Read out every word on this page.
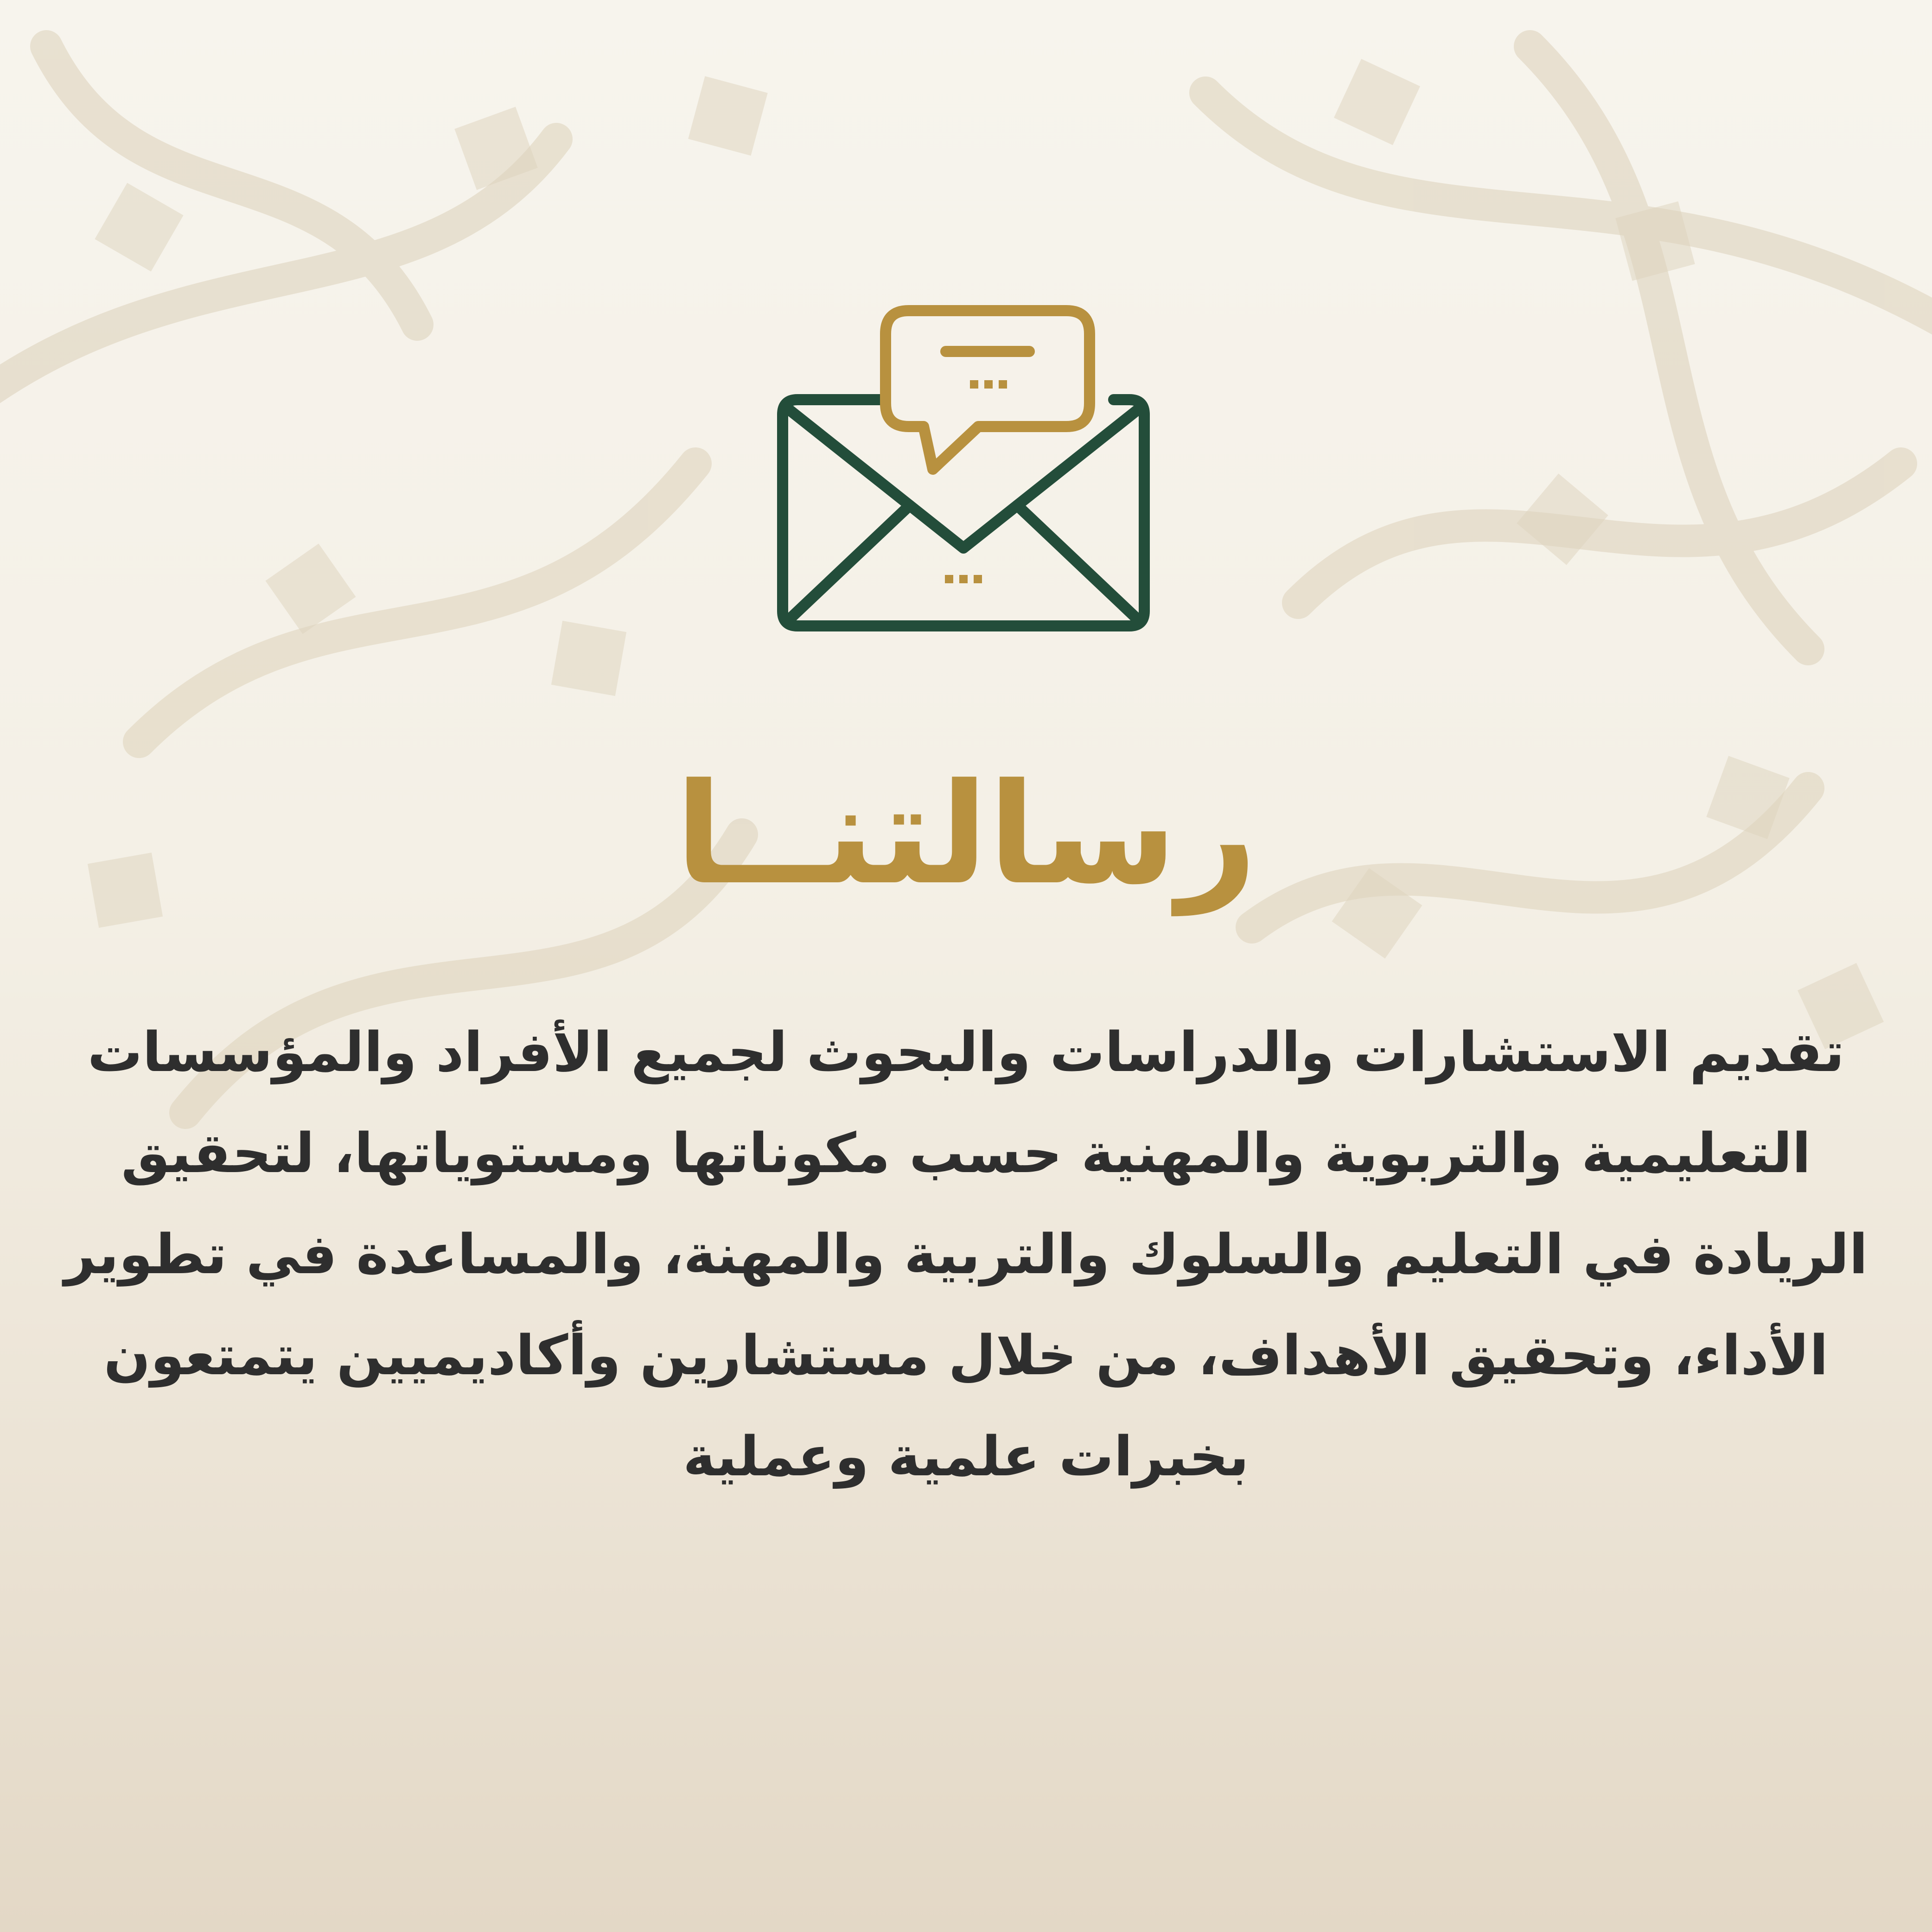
رسالتنــا
تقديم الاستشارات والدراسات والبحوث لجميع الأفراد والمؤسسات
التعليمية والتربوية والمهنية حسب مكوناتها ومستوياتها، لتحقيق
الريادة في التعليم والسلوك والتربية والمهنة، والمساعدة في تطوير
الأداء، وتحقيق الأهداف، من خلال مستشارين وأكاديميين يتمتعون
بخبرات علمية وعملية
